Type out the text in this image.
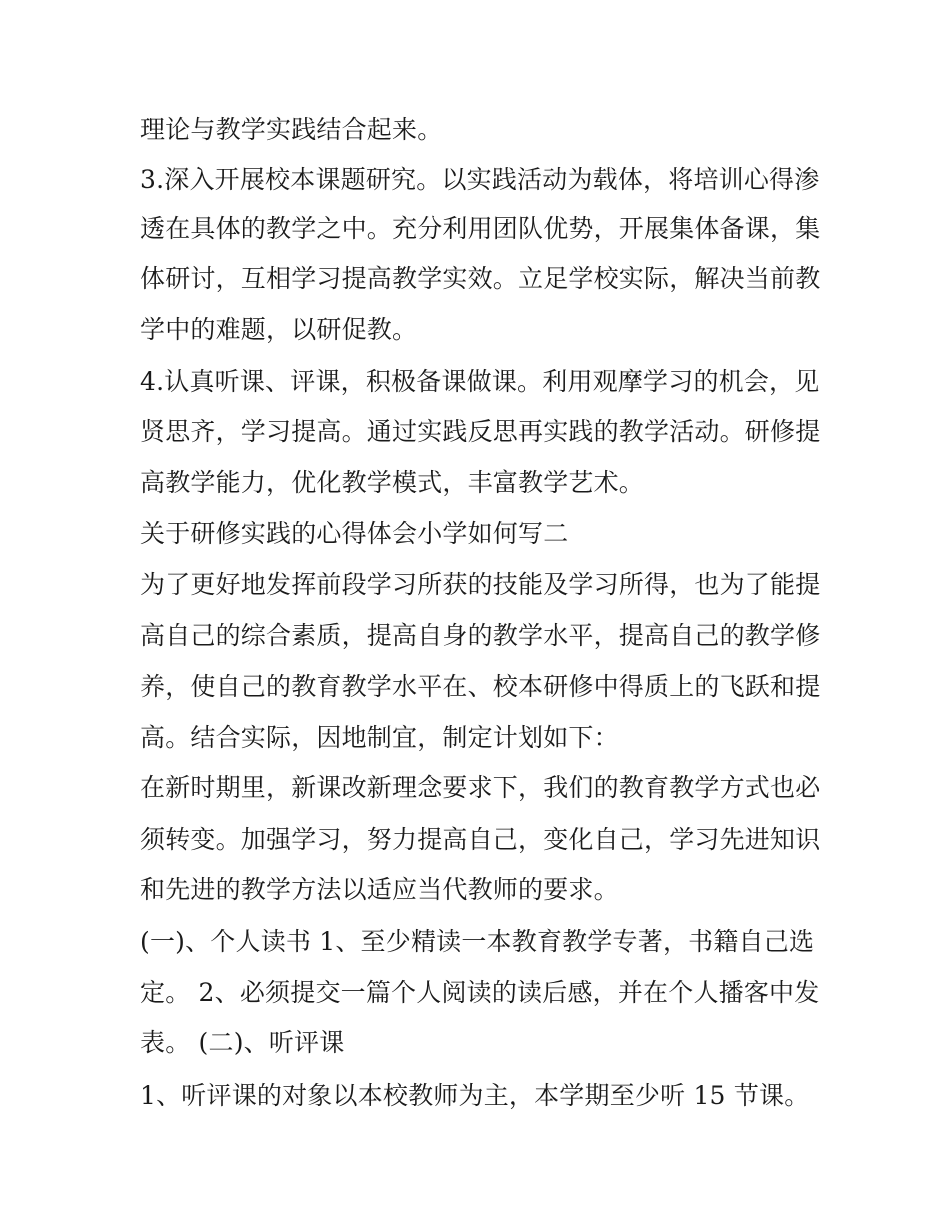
理论与教学实践结合起来。
3.深入开展校本课题研究。以实践活动为载体，将培训心得渗
透在具体的教学之中。充分利用团队优势，开展集体备课，集
体研讨，互相学习提高教学实效。立足学校实际，解决当前教
学中的难题，以研促教。
4.认真听课、评课，积极备课做课。利用观摩学习的机会，见
贤思齐，学习提高。通过实践反思再实践的教学活动。研修提
高教学能力，优化教学模式，丰富教学艺术。
关于研修实践的心得体会小学如何写二
为了更好地发挥前段学习所获的技能及学习所得，也为了能提
高自己的综合素质，提高自身的教学水平，提高自己的教学修
养，使自己的教育教学水平在、校本研修中得质上的飞跃和提
高。结合实际，因地制宜，制定计划如下：
在新时期里，新课改新理念要求下，我们的教育教学方式也必
须转变。加强学习，努力提高自己，变化自己，学习先进知识
和先进的教学方法以适应当代教师的要求。
(一)、个人读书 1、至少精读一本教育教学专著，书籍自己选
定。 2、必须提交一篇个人阅读的读后感，并在个人播客中发
表。 (二)、听评课
1、听评课的对象以本校教师为主，本学期至少听 15 节课。
